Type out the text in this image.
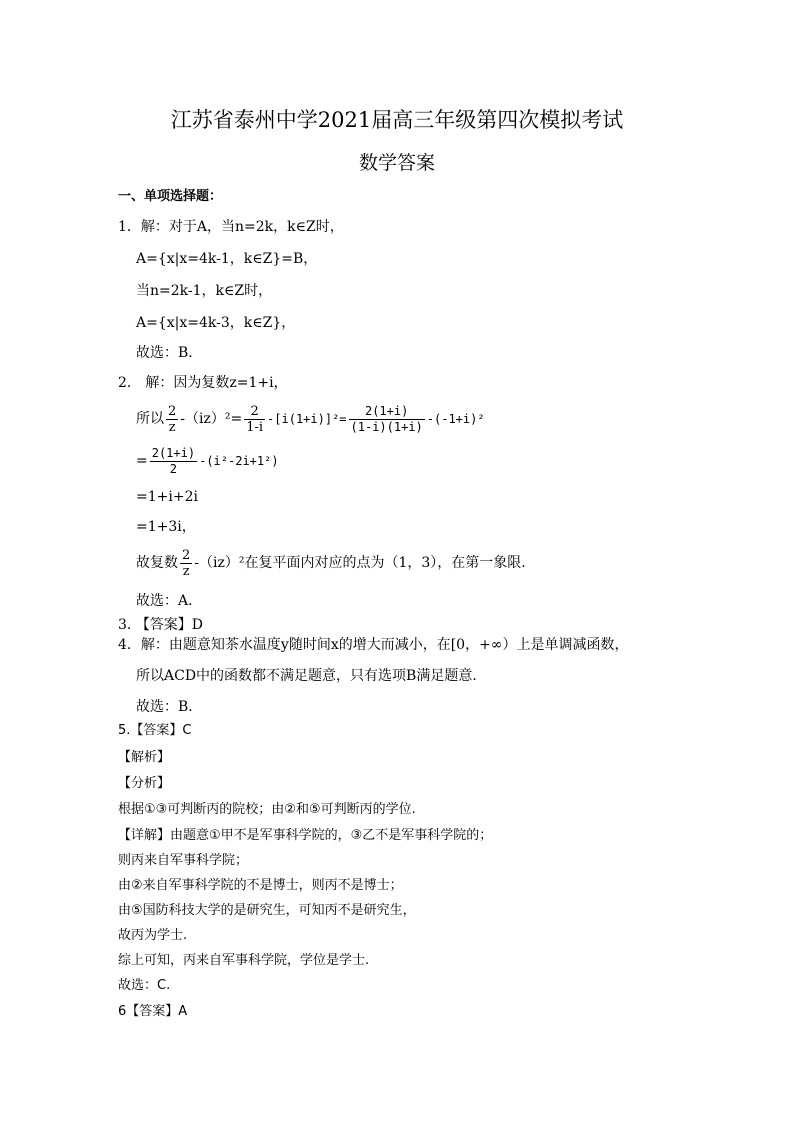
江苏省泰州中学2021届高三年级第四次模拟考试
数学答案
一、单项选择题：
1．解：对于A，当n=2k，k∈Z时，
A={x|x=4k-1，k∈Z}=B，
当n=2k-1，k∈Z时，
A={x|x=4k-3，k∈Z}，
故选：B．
2． 解：因为复数z=1+i，
所以 $\frac{2}{z} -(iz)^2= \frac{2}{1-i} -[i(1+i)]^2= \frac{2(1+i)}{(1-i)(1+i)} -(-1+i)^2$
= $\frac{2(1+i)}{2} -(i^2-2i+1^2)$
=1+i+2i
=1+3i，
故复数 $\frac{2}{z} -(iz)^2$在复平面内对应的点为（1，3），在第一象限．
故选：A．
3. 【答案】D
4．解：由题意知茶水温度y随时间x的增大而减小，在[0，+∞）上是单调减函数，
所以ACD中的函数都不满足题意，只有选项B满足题意．
故选：B．
5.【答案】C
【解析】
【分析】
根据①③可判断丙的院校；由②和⑤可判断丙的学位.
【详解】由题意①甲不是军事科学院的，③乙不是军事科学院的；
则丙来自军事科学院；
由②来自军事科学院的不是博士，则丙不是博士；
由⑤国防科技大学的是研究生，可知丙不是研究生，
故丙为学士.
综上可知，丙来自军事科学院，学位是学士.
故选：C.
6【答案】A
